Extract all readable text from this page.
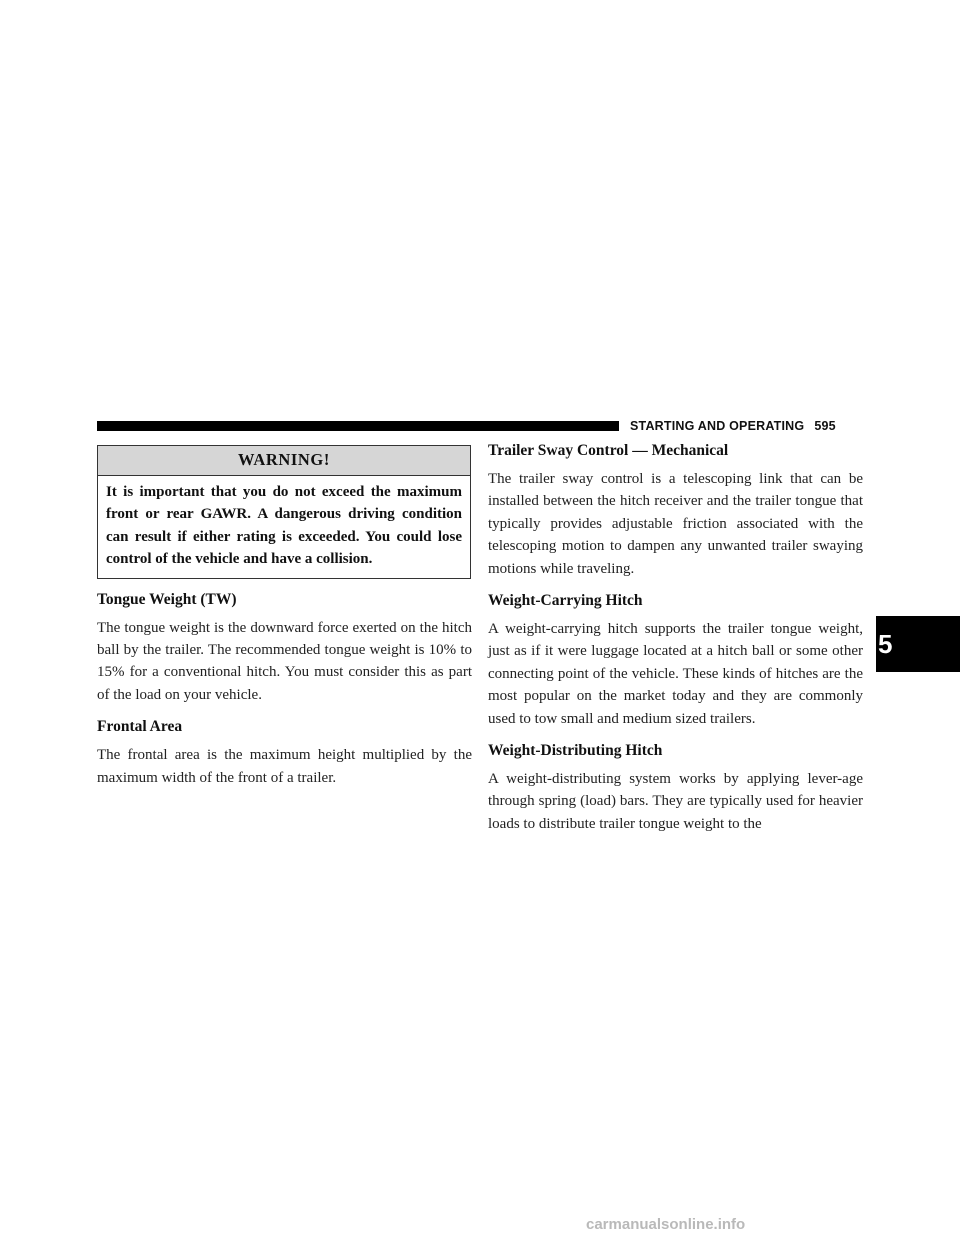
STARTING AND OPERATING 595
WARNING!
It is important that you do not exceed the maximum front or rear GAWR. A dangerous driving condition can result if either rating is exceeded. You could lose control of the vehicle and have a collision.
Tongue Weight (TW)

The tongue weight is the downward force exerted on the hitch ball by the trailer. The recommended tongue weight is 10% to 15% for a conventional hitch. You must consider this as part of the load on your vehicle.

Frontal Area

The frontal area is the maximum height multiplied by the maximum width of the front of a trailer.

Trailer Sway Control — Mechanical

The trailer sway control is a telescoping link that can be installed between the hitch receiver and the trailer tongue that typically provides adjustable friction associated with the telescoping motion to dampen any unwanted trailer swaying motions while traveling.

Weight-Carrying Hitch

A weight-carrying hitch supports the trailer tongue weight, just as if it were luggage located at a hitch ball or some other connecting point of the vehicle. These kinds of hitches are the most popular on the market today and they are commonly used to tow small and medium sized trailers.

Weight-Distributing Hitch

A weight-distributing system works by applying lever-age through spring (load) bars. They are typically used for heavier loads to distribute trailer tongue weight to the

5
carmanualsonline.info
